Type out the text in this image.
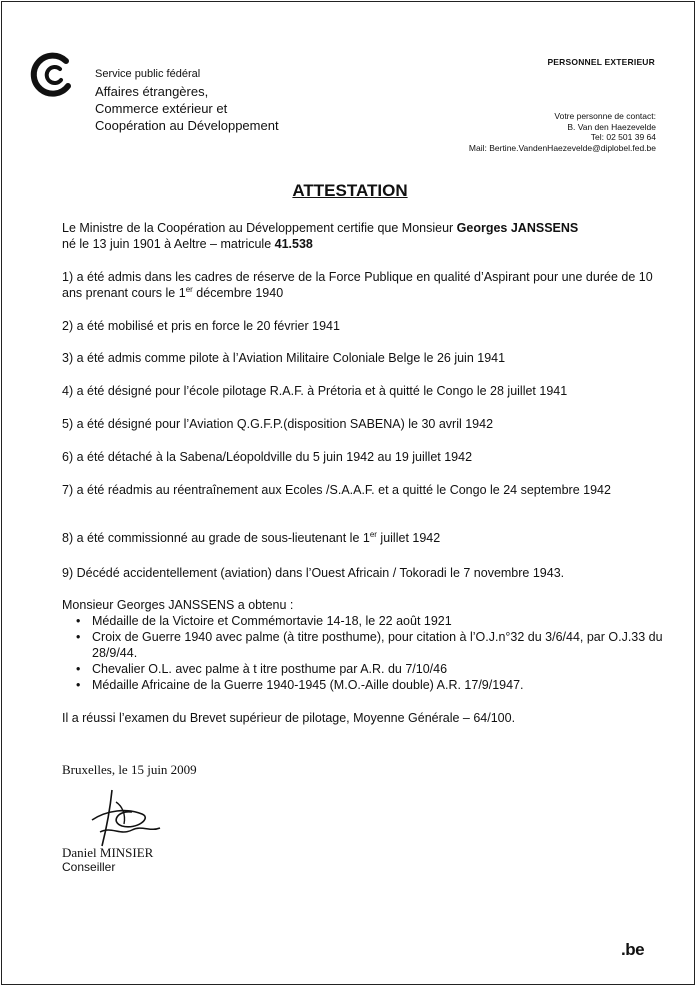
Service public fédéral
Affaires étrangères,
Commerce extérieur et
Coopération au Développement
PERSONNEL EXTERIEUR
Votre personne de contact:
B. Van den Haezevelde
Tel: 02 501 39 64
Mail: Bertine.VandenHaezevelde@diplobel.fed.be
ATTESTATION
Le Ministre de la Coopération au Développement certifie que Monsieur Georges JANSSENS
né le 13 juin 1901 à Aeltre – matricule 41.538
1) a été admis dans les cadres de réserve de la Force Publique en qualité d’Aspirant pour une durée de 10 ans prenant cours le 1er décembre 1940
2) a été mobilisé et pris en force le 20 février 1941
3) a été admis comme pilote à l’Aviation Militaire Coloniale Belge le 26 juin 1941
4) a été désigné pour l’école pilotage R.A.F. à Prétoria et à quitté le Congo le 28 juillet 1941
5) a été désigné pour l’Aviation Q.G.F.P.(disposition SABENA) le 30 avril 1942
6) a été détaché à la Sabena/Léopoldville du 5 juin 1942 au 19 juillet 1942
7) a été réadmis au réentraînement aux Ecoles /S.A.A.F. et a quitté le Congo le 24 septembre 1942
8) a été commissionné au grade de sous-lieutenant le 1er juillet 1942
9) Décédé accidentellement (aviation) dans l’Ouest Africain / Tokoradi le 7 novembre 1943.
Monsieur Georges JANSSENS a obtenu :
• Médaille de la Victoire et Commémortavie 14-18, le 22 août 1921
• Croix de Guerre 1940 avec palme (à titre posthume), pour citation à l’O.J.n°32 du 3/6/44, par O.J.33 du 28/9/44.
• Chevalier O.L. avec palme à t itre posthume par A.R. du 7/10/46
• Médaille Africaine de la Guerre 1940-1945 (M.O.-Aille double) A.R. 17/9/1947.
Il a réussi l’examen du Brevet supérieur de pilotage, Moyenne Générale – 64/100.
Bruxelles, le 15 juin 2009
Daniel MINSIER
Conseiller
.be
